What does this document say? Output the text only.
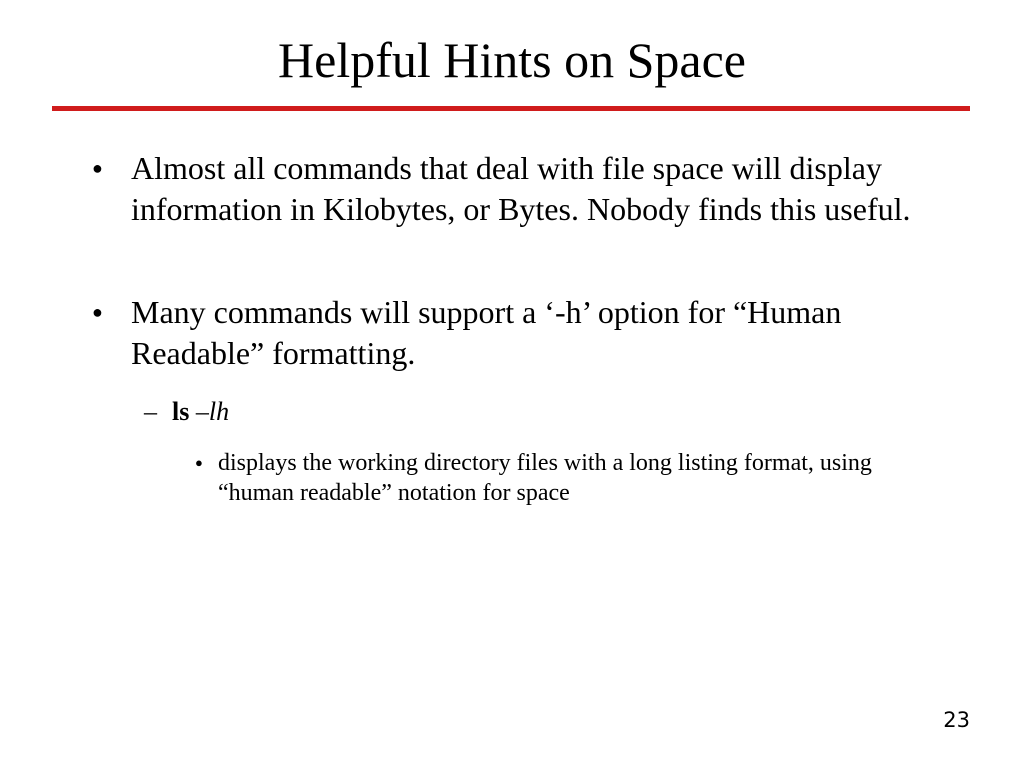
Helpful Hints on Space
● Almost all commands that deal with file space will display information in Kilobytes, or Bytes. Nobody finds this useful.
● Many commands will support a ‘-h’ option for “Human Readable” formatting.
– ls –lh
● displays the working directory files with a long listing format, using “human readable” notation for space
23
